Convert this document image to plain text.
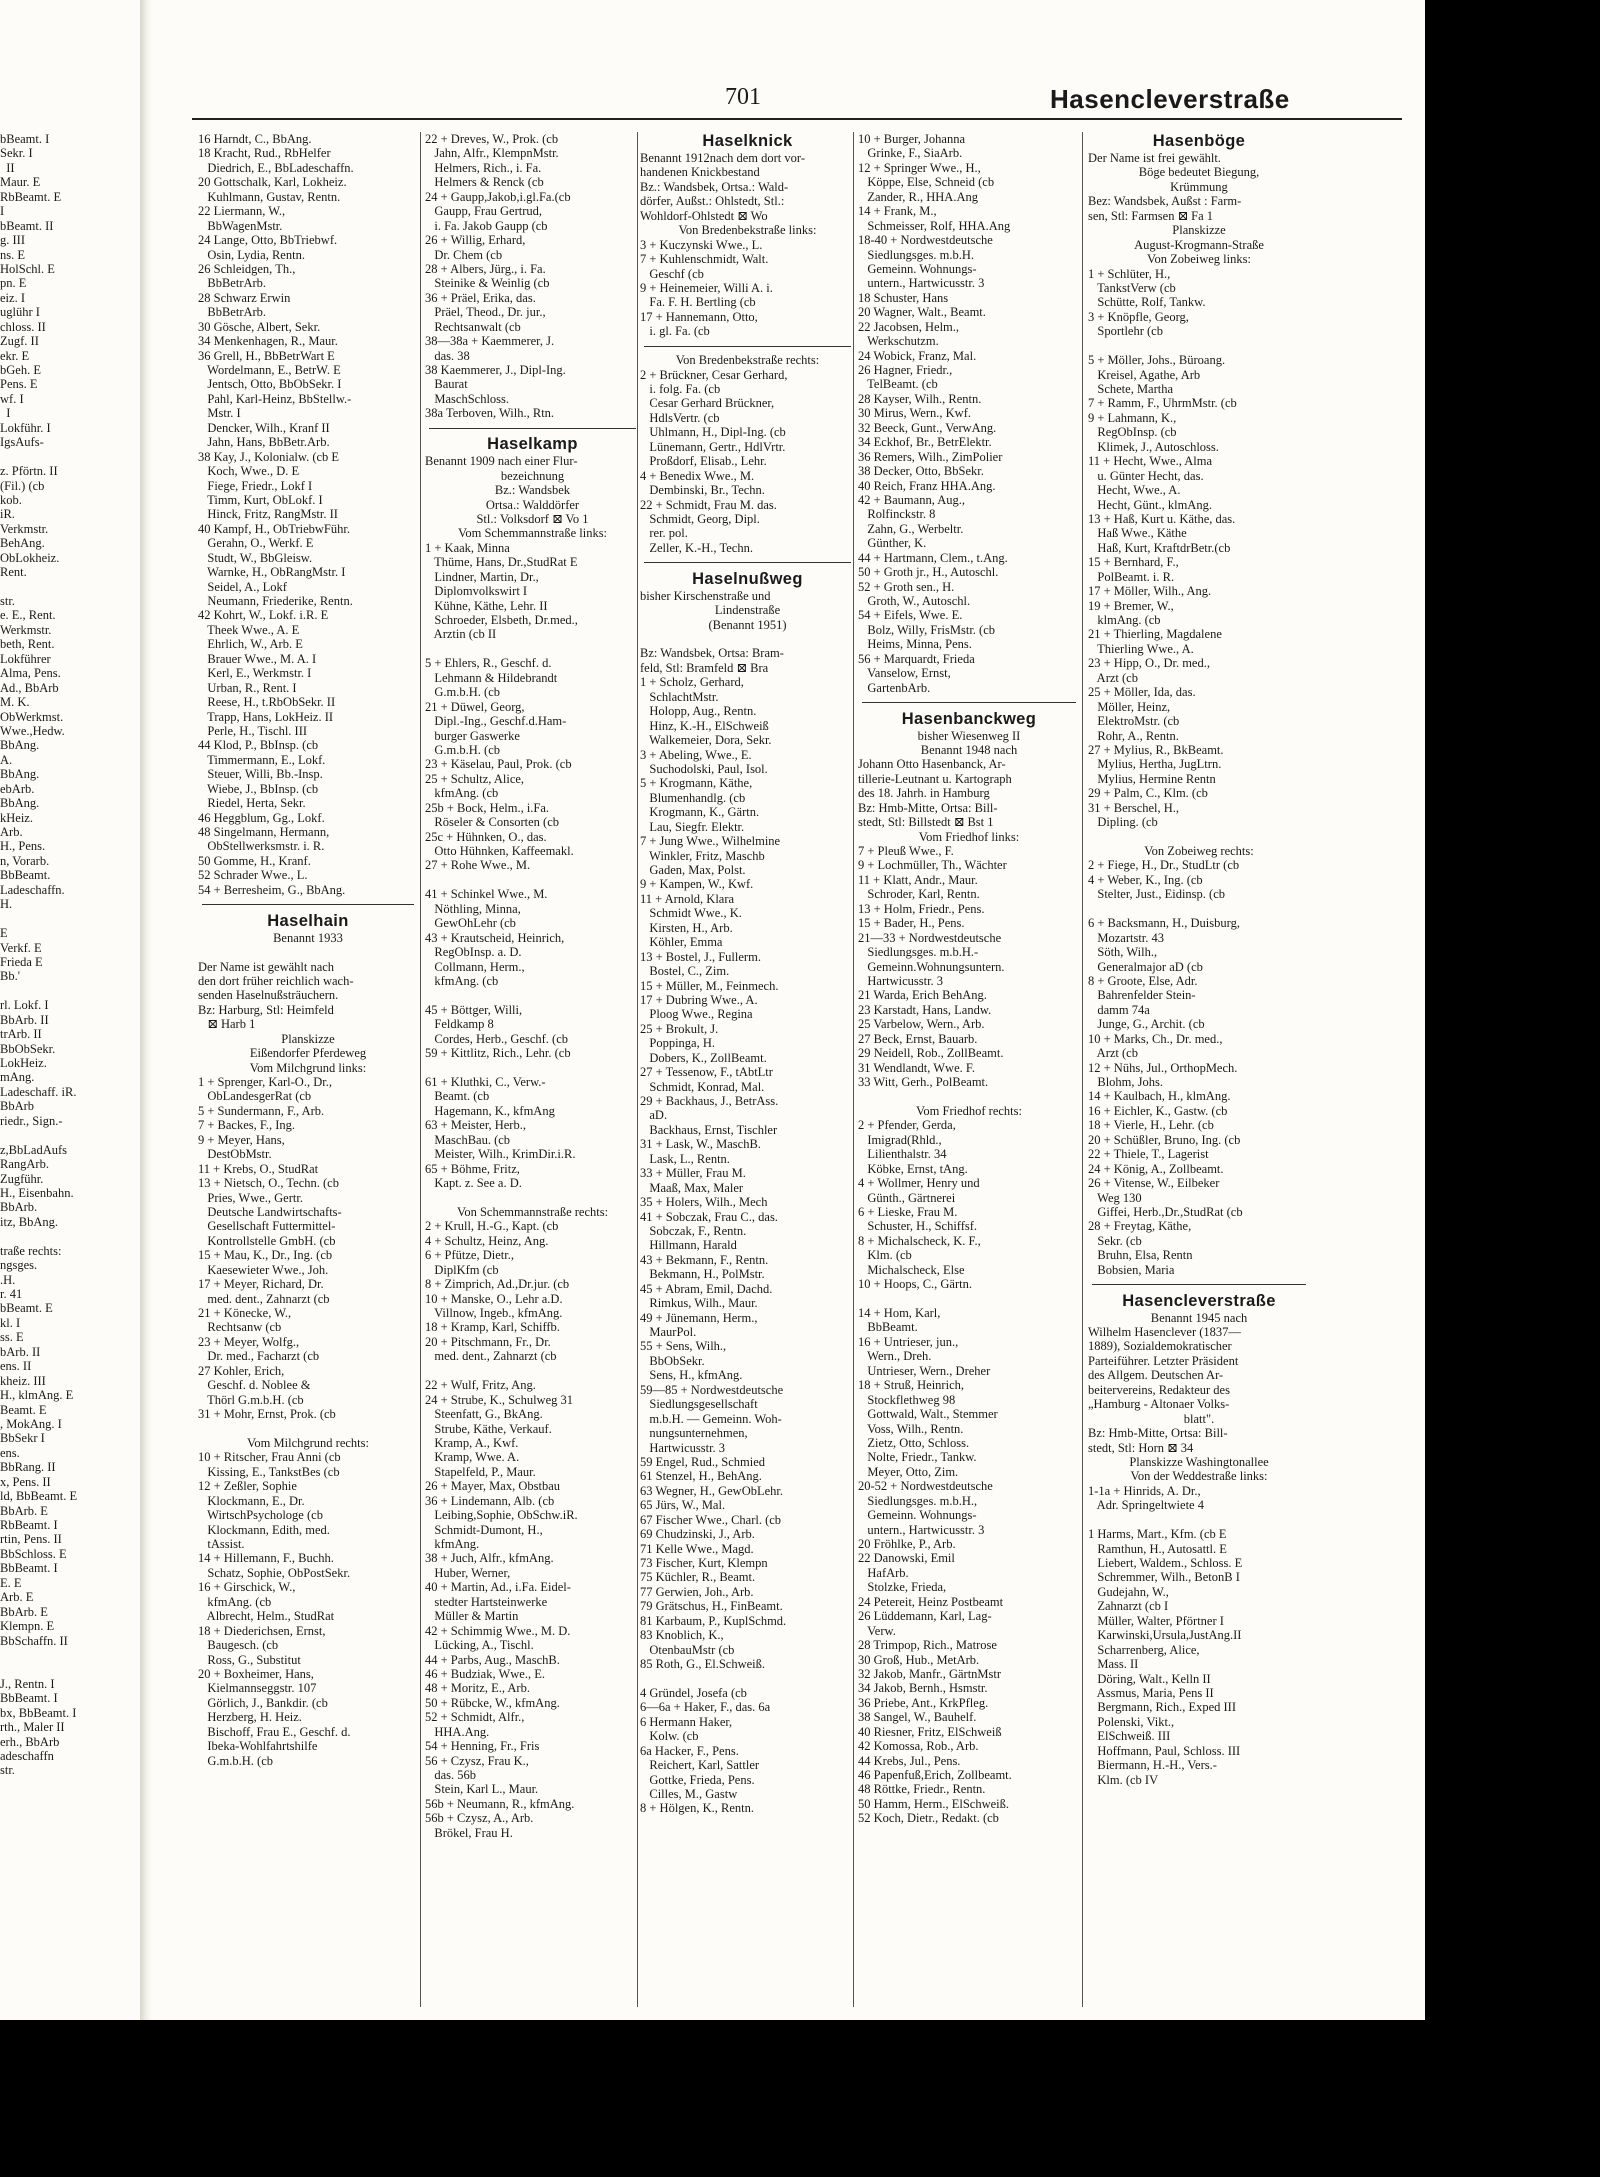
701	Hasencleverstraße
bBeamt. I
Sekr. I
II
Maur. E
RbBeamt. E
I
bBeamt. II
g. III
ns. E
HolSchl. E
pn. E
eiz. I
uglühr I
chloss. II
Zugf. II
ekr. E
bGeh. E
Pens. E
wf. I
I
Lokführ. I
IgsAufs-
z. Pförtn. II
(Fil.) (cb
kob.
iR.
Verkmstr.
BehAng.
ObLokheiz.
Rent.
str.
e. E., Rent.
Werkmstr.
beth, Rent.
Lokführer
Alma, Pens.
Ad., BbArb
M. K.
ObWerkmst.
Wwe.,Hedw.
BbAng.
A.
BbAng.
ebArb.
BbAng.
kHeiz.
Arb.
H., Pens.
n, Vorarb.
BbBeamt.
Ladeschaffn.
H.
E
Verkf. E
Frieda E
Bb.'
rl. Lokf. I
BbArb. II
trArb. II
BbObSekr.
LokHeiz.
mAng.
Ladeschaff. iR.
BbArb
riedr., Sign.-
z,BbLadAufs
RangArb.
Zugführ.
H., Eisenbahn.
BbArb.
itz, BbAng.
traße rechts:
ngsges.
.H.
r. 41
bBeamt. E
kl. I
ss. E
bArb. II
ens. II
kheiz. III
H., klmAng. E
Beamt. E
, MokAng. I
BbSekr I
ens.
BbRang. II
x, Pens. II
ld, BbBeamt. E
BbArb. E
RbBeamt. I
rtin, Pens. II
BbSchloss. E
BbBeamt. I
E. E
Arb. E
BbArb. E
Klempn. E
BbSchaffn. II
J., Rentn. I
BbBeamt. I
bx, BbBeamt. I
rth., Maler II
erh., BbArb
adeschaffn
str.
16 Harndt, C., BbAng.
18 Kracht, Rud., RbHelfer
Diedrich, E., BbLadeschaffn.
20 Gottschalk, Karl, Lokheiz.
Kuhlmann, Gustav, Rentn.
22 Liermann, W.,
BbWagenMstr.
24 Lange, Otto, BbTriebwf.
Osin, Lydia, Rentn.
26 Schleidgen, Th.,
BbBetrArb.
28 Schwarz Erwin
BbBetrArb.
30 Gösche, Albert, Sekr.
34 Menkenhagen, R., Maur.
36 Grell, H., BbBetrWart E
Wordelmann, E., BetrW. E
Jentsch, Otto, BbObSekr. I
Pahl, Karl-Heinz, BbStellw.-
Mstr. I
Dencker, Wilh., Kranf II
Jahn, Hans, BbBetr.Arb.
38 Kay, J., Kolonialw. (cb E
Koch, Wwe., D. E
Fiege, Friedr., Lokf I
Timm, Kurt, ObLokf. I
Hinck, Fritz, RangMstr. II
40 Kampf, H., ObTriebwFühr.
Gerahn, O., Werkf. E
Studt, W., BbGleisw.
Warnke, H., ObRangMstr. I
Seidel, A., Lokf
Neumann, Friederike, Rentn.
42 Kohrt, W., Lokf. i.R. E
Theek Wwe., A. E
Ehrlich, W., Arb. E
Brauer Wwe., M. A. I
Kerl, E., Werkmstr. I
Urban, R., Rent. I
Reese, H., t.RbObSekr. II
Trapp, Hans, LokHeiz. II
Perle, H., Tischl. III
44 Klod, P., BbInsp. (cb
Timmermann, E., Lokf.
Steuer, Willi, Bb.-Insp.
Wiebe, J., BbInsp. (cb
Riedel, Herta, Sekr.
46 Heggblum, Gg., Lokf.
48 Singelmann, Hermann,
ObStellwerksmstr. i. R.
50 Gomme, H., Kranf.
52 Schrader Wwe., L.
54 + Berresheim, G., BbAng.
Haselhain
Benannt 1933
Der Name ist gewählt nach
den dort früher reichlich wach-
senden Haselnußsträuchern.
Bz: Harburg, Stl: Heimfeld
⊠ Harb 1
Planskizze
Eißendorfer Pferdeweg
Vom Milchgrund links:
1 + Sprenger, Karl-O., Dr.,
ObLandesgerRat (cb
5 + Sundermann, F., Arb.
7 + Backes, F., Ing.
9 + Meyer, Hans,
DestObMstr.
11 + Krebs, O., StudRat
13 + Nietsch, O., Techn. (cb
Pries, Wwe., Gertr.
Deutsche Landwirtschafts-
Gesellschaft Futtermittel-
Kontrollstelle GmbH. (cb
15 + Mau, K., Dr., Ing. (cb
Kaesewieter Wwe., Joh.
17 + Meyer, Richard, Dr.
med. dent., Zahnarzt (cb
21 + Könecke, W.,
Rechtsanw (cb
23 + Meyer, Wolfg.,
Dr. med., Facharzt (cb
27 Kohler, Erich,
Geschf. d. Noblee &
Thörl G.m.b.H. (cb
31 + Mohr, Ernst, Prok. (cb
Vom Milchgrund rechts:
10 + Ritscher, Frau Anni (cb
Kissing, E., TankstBes (cb
12 + Zeßler, Sophie
Klockmann, E., Dr.
WirtschPsychologe (cb
Klockmann, Edith, med.
tAssist.
14 + Hillemann, F., Buchh.
Schatz, Sophie, ObPostSekr.
16 + Girschick, W.,
kfmAng. (cb
Albrecht, Helm., StudRat
18 + Diederichsen, Ernst,
Baugesch. (cb
Ross, G., Substitut
20 + Boxheimer, Hans,
Kielmannseggstr. 107
Görlich, J., Bankdir. (cb
Herzberg, H. Heiz.
Bischoff, Frau E., Geschf. d.
Ibeka-Wohlfahrtshilfe
G.m.b.H. (cb
22 + Dreves, W., Prok. (cb
Jahn, Alfr., KlempnMstr.
Helmers, Rich., i. Fa.
Helmers & Renck (cb
24 + Gaupp,Jakob,i.gl.Fa.(cb
Gaupp, Frau Gertrud,
i. Fa. Jakob Gaupp (cb
26 + Willig, Erhard,
Dr. Chem (cb
28 + Albers, Jürg., i. Fa.
Steinike & Weinlig (cb
36 + Präel, Erika, das.
Präel, Theod., Dr. jur.,
Rechtsanwalt (cb
38—38a + Kaemmerer, J.
das. 38
38 Kaemmerer, J., Dipl-Ing.
Baurat
MaschSchloss.
38a Terboven, Wilh., Rtn.
Haselkamp
Benannt 1909 nach einer Flur-
bezeichnung
Bz.: Wandsbek
Ortsa.: Walddörfer
Stl.: Volksdorf ⊠ Vo 1
Vom Schemmannstraße links:
1 + Kaak, Minna
Thüme, Hans, Dr.,StudRat E
Lindner, Martin, Dr.,
Diplomvolkswirt I
Kühne, Käthe, Lehr. II
Schroeder, Elsbeth, Dr.med.,
Arztin (cb II
5 + Ehlers, R., Geschf. d.
Lehmann & Hildebrandt
G.m.b.H. (cb
21 + Düwel, Georg,
Dipl.-Ing., Geschf.d.Ham-
burger Gaswerke
G.m.b.H. (cb
23 + Käselau, Paul, Prok. (cb
25 + Schultz, Alice,
kfmAng. (cb
25b + Bock, Helm., i.Fa.
Röseler & Consorten (cb
25c + Hühnken, O., das.
Otto Hühnken, Kaffeemakl.
27 + Rohe Wwe., M.
41 + Schinkel Wwe., M.
Nöthling, Minna,
GewOhLehr (cb
43 + Krautscheid, Heinrich,
RegObInsp. a. D.
Collmann, Herm.,
kfmAng. (cb
45 + Böttger, Willi,
Feldkamp 8
Cordes, Herb., Geschf. (cb
59 + Kittlitz, Rich., Lehr. (cb
61 + Kluthki, C., Verw.-
Beamt. (cb
Hagemann, K., kfmAng
63 + Meister, Herb.,
MaschBau. (cb
Meister, Wilh., KrimDir.i.R.
65 + Böhme, Fritz,
Kapt. z. See a. D.
Von Schemmannstraße rechts:
2 + Krull, H.-G., Kapt. (cb
4 + Schultz, Heinz, Ang.
6 + Pfütze, Dietr.,
DiplKfm (cb
8 + Zimprich, Ad.,Dr.jur. (cb
10 + Manske, O., Lehr a.D.
Villnow, Ingeb., kfmAng.
18 + Kramp, Karl, Schiffb.
20 + Pitschmann, Fr., Dr.
med. dent., Zahnarzt (cb
22 + Wulf, Fritz, Ang.
24 + Strube, K., Schulweg 31
Steenfatt, G., BkAng.
Strube, Käthe, Verkauf.
Kramp, A., Kwf.
Kramp, Wwe. A.
Stapelfeld, P., Maur.
26 + Mayer, Max, Obstbau
36 + Lindemann, Alb. (cb
Leibing,Sophie, ObSchw.iR.
Schmidt-Dumont, H.,
kfmAng.
38 + Juch, Alfr., kfmAng.
Huber, Werner,
40 + Martin, Ad., i.Fa. Eidel-
stedter Hartsteinwerke
Müller & Martin
42 + Schimmig Wwe., M. D.
Lücking, A., Tischl.
44 + Parbs, Aug., MaschB.
46 + Budziak, Wwe., E.
48 + Moritz, E., Arb.
50 + Rübcke, W., kfmAng.
52 + Schmidt, Alfr.,
HHA.Ang.
54 + Henning, Fr., Fris
56 + Czysz, Frau K.,
das. 56b
Stein, Karl L., Maur.
56b + Neumann, R., kfmAng.
56b + Czysz, A., Arb.
Brökel, Frau H.
Haselknick
Benannt 1912nach dem dort vor-
handenen Knickbestand
Bz.: Wandsbek, Ortsa.: Wald-
dörfer, Außst.: Ohlstedt, Stl.:
Wohldorf-Ohlstedt ⊠ Wo
Von Bredenbekstraße links:
3 + Kuczynski Wwe., L.
7 + Kuhlenschmidt, Walt.
Geschf (cb
9 + Heinemeier, Willi A. i.
Fa. F. H. Bertling (cb
17 + Hannemann, Otto,
i. gl. Fa. (cb
Von Bredenbekstraße rechts:
2 + Brückner, Cesar Gerhard,
i. folg. Fa. (cb
Cesar Gerhard Brückner,
HdlsVertr. (cb
Uhlmann, H., Dipl-Ing. (cb
Lünemann, Gertr., HdlVrtr.
Proßdorf, Elisab., Lehr.
4 + Benedix Wwe., M.
Dembinski, Br., Techn.
22 + Schmidt, Frau M. das.
Schmidt, Georg, Dipl.
rer. pol.
Zeller, K.-H., Techn.
Haselnußweg
bisher Kirschenstraße und
Lindenstraße
(Benannt 1951)
Bz: Wandsbek, Ortsa: Bram-
feld, Stl: Bramfeld ⊠ Bra
1 + Scholz, Gerhard,
SchlachtMstr.
Holopp, Aug., Rentn.
Hinz, K.-H., ElSchweiß
Walkemeier, Dora, Sekr.
3 + Abeling, Wwe., E.
Suchodolski, Paul, Isol.
5 + Krogmann, Käthe,
Blumenhandlg. (cb
Krogmann, K., Gärtn.
Lau, Siegfr. Elektr.
7 + Jung Wwe., Wilhelmine
Winkler, Fritz, Maschb
Gaden, Max, Polst.
9 + Kampen, W., Kwf.
11 + Arnold, Klara
Schmidt Wwe., K.
Kirsten, H., Arb.
Köhler, Emma
13 + Bostel, J., Fullerm.
Bostel, C., Zim.
15 + Müller, M., Feinmech.
17 + Dubring Wwe., A.
Ploog Wwe., Regina
25 + Brokult, J.
Poppinga, H.
Dobers, K., ZollBeamt.
27 + Tessenow, F., tAbtLtr
Schmidt, Konrad, Mal.
29 + Backhaus, J., BetrAss.
aD.
Backhaus, Ernst, Tischler
31 + Lask, W., MaschB.
Lask, L., Rentn.
33 + Müller, Frau M.
Maaß, Max, Maler
35 + Holers, Wilh., Mech
41 + Sobczak, Frau C., das.
Sobczak, F., Rentn.
Hillmann, Harald
43 + Bekmann, F., Rentn.
Bekmann, H., PolMstr.
45 + Abram, Emil, Dachd.
Rimkus, Wilh., Maur.
49 + Jünemann, Herm.,
MaurPol.
55 + Sens, Wilh.,
BbObSekr.
Sens, H., kfmAng.
59—85 + Nordwestdeutsche
Siedlungsgesellschaft
m.b.H. — Gemeinn. Woh-
nungsunternehmen,
Hartwicusstr. 3
59 Engel, Rud., Schmied
61 Stenzel, H., BehAng.
63 Wegner, H., GewObLehr.
65 Jürs, W., Mal.
67 Fischer Wwe., Charl. (cb
69 Chudzinski, J., Arb.
71 Kelle Wwe., Magd.
73 Fischer, Kurt, Klempn
75 Küchler, R., Beamt.
77 Gerwien, Joh., Arb.
79 Grätschus, H., FinBeamt.
81 Karbaum, P., KuplSchmd.
83 Knoblich, K.,
OtenbauMstr (cb
85 Roth, G., El.Schweiß.
4 Gründel, Josefa (cb
6—6a + Haker, F., das. 6a
6 Hermann Haker,
Kolw. (cb
6a Hacker, F., Pens.
Reichert, Karl, Sattler
Gottke, Frieda, Pens.
Cilles, M., Gastw
8 + Hölgen, K., Rentn.
10 + Burger, Johanna
Grinke, F., SiaArb.
12 + Springer Wwe., H.,
Köppe, Else, Schneid (cb
Zander, R., HHA.Ang
14 + Frank, M.,
Schmeisser, Rolf, HHA.Ang
18-40 + Nordwestdeutsche
Siedlungsges. m.b.H.
Gemeinn. Wohnungs-
untern., Hartwicusstr. 3
18 Schuster, Hans
20 Wagner, Walt., Beamt.
22 Jacobsen, Helm.,
Werkschutzm.
24 Wobick, Franz, Mal.
26 Hagner, Friedr.,
TelBeamt. (cb
28 Kayser, Wilh., Rentn.
30 Mirus, Wern., Kwf.
32 Beeck, Gunt., VerwAng.
34 Eckhof, Br., BetrElektr.
36 Remers, Wilh., ZimPolier
38 Decker, Otto, BbSekr.
40 Reich, Franz HHA.Ang.
42 + Baumann, Aug.,
Rolfinckstr. 8
Zahn, G., Werbeltr.
Günther, K.
44 + Hartmann, Clem., t.Ang.
50 + Groth jr., H., Autoschl.
52 + Groth sen., H.
Groth, W., Autoschl.
54 + Eifels, Wwe. E.
Bolz, Willy, FrisMstr. (cb
Heims, Minna, Pens.
56 + Marquardt, Frieda
Vanselow, Ernst,
GartenbArb.
Hasenbanckweg
bisher Wiesenweg II
Benannt 1948 nach
Johann Otto Hasenbanck, Ar-
tillerie-Leutnant u. Kartograph
des 18. Jahrh. in Hamburg
Bz: Hmb-Mitte, Ortsa: Bill-
stedt, Stl: Billstedt ⊠ Bst 1
Vom Friedhof links:
7 + Pleuß Wwe., F.
9 + Lochmüller, Th., Wächter
11 + Klatt, Andr., Maur.
Schroder, Karl, Rentn.
13 + Holm, Friedr., Pens.
15 + Bader, H., Pens.
21—33 + Nordwestdeutsche
Siedlungsges. m.b.H.-
Gemeinn.Wohnungsuntern.
Hartwicusstr. 3
21 Warda, Erich BehAng.
23 Karstadt, Hans, Landw.
25 Varbelow, Wern., Arb.
27 Beck, Ernst, Bauarb.
29 Neidell, Rob., ZollBeamt.
31 Wendlandt, Wwe. F.
33 Witt, Gerh., PolBeamt.
Vom Friedhof rechts:
2 + Pfender, Gerda,
Imigrad(Rhld.,
Lilienthalstr. 34
Köbke, Ernst, tAng.
4 + Wollmer, Henry und
Günth., Gärtnerei
6 + Lieske, Frau M.
Schuster, H., Schiffsf.
8 + Michalscheck, K. F.,
Klm. (cb
Michalscheck, Else
10 + Hoops, C., Gärtn.
14 + Hom, Karl,
BbBeamt.
16 + Untrieser, jun.,
Wern., Dreh.
Untrieser, Wern., Dreher
18 + Struß, Heinrich,
Stockflethweg 98
Gottwald, Walt., Stemmer
Voss, Wilh., Rentn.
Zietz, Otto, Schloss.
Nolte, Friedr., Tankw.
Meyer, Otto, Zim.
20-52 + Nordwestdeutsche
Siedlungsges. m.b.H.,
Gemeinn. Wohnungs-
untern., Hartwicusstr. 3
20 Fröhlke, P., Arb.
22 Danowski, Emil
HafArb.
Stolzke, Frieda,
24 Petereit, Heinz Postbeamt
26 Lüddemann, Karl, Lag-
Verw.
28 Trimpop, Rich., Matrose
30 Groß, Hub., MetArb.
32 Jakob, Manfr., GärtnMstr
34 Jakob, Bernh., Hsmstr.
36 Priebe, Ant., KrkPfleg.
38 Sangel, W., Bauhelf.
40 Riesner, Fritz, ElSchweiß
42 Komossa, Rob., Arb.
44 Krebs, Jul., Pens.
46 Papenfuß,Erich, Zollbeamt.
48 Röttke, Friedr., Rentn.
50 Hamm, Herm., ElSchweiß.
52 Koch, Dietr., Redakt. (cb
Hasenböge
Der Name ist frei gewählt.
Böge bedeutet Biegung,
Krümmung
Bez: Wandsbek, Außst : Farm-
sen, Stl: Farmsen ⊠ Fa 1
Planskizze
August-Krogmann-Straße
Von Zobeiweg links:
1 + Schlüter, H.,
TankstVerw (cb
Schütte, Rolf, Tankw.
3 + Knöpfle, Georg,
Sportlehr (cb
5 + Möller, Johs., Büroang.
Kreisel, Agathe, Arb
Schete, Martha
7 + Ramm, F., UhrmMstr. (cb
9 + Lahmann, K.,
RegObInsp. (cb
Klimek, J., Autoschloss.
11 + Hecht, Wwe., Alma
u. Günter Hecht, das.
Hecht, Wwe., A.
Hecht, Günt., klmAng.
13 + Haß, Kurt u. Käthe, das.
Haß Wwe., Käthe
Haß, Kurt, KraftdrBetr.(cb
15 + Bernhard, F.,
PolBeamt. i. R.
17 + Möller, Wilh., Ang.
19 + Bremer, W.,
klmAng. (cb
21 + Thierling, Magdalene
Thierling Wwe., A.
23 + Hipp, O., Dr. med.,
Arzt (cb
25 + Möller, Ida, das.
Möller, Heinz,
ElektroMstr. (cb
Rohr, A., Rentn.
27 + Mylius, R., BkBeamt.
Mylius, Hertha, JugLtrn.
Mylius, Hermine Rentn
29 + Palm, C., Klm. (cb
31 + Berschel, H.,
Dipling. (cb
Von Zobeiweg rechts:
2 + Fiege, H., Dr., StudLtr (cb
4 + Weber, K., Ing. (cb
Stelter, Just., Eidinsp. (cb
6 + Backsmann, H., Duisburg,
Mozartstr. 43
Söth, Wilh.,
Generalmajor aD (cb
8 + Groote, Else, Adr.
Bahrenfelder Stein-
damm 74a
Junge, G., Archit. (cb
10 + Marks, Ch., Dr. med.,
Arzt (cb
12 + Nühs, Jul., OrthopMech.
Blohm, Johs.
14 + Kaulbach, H., klmAng.
16 + Eichler, K., Gastw. (cb
18 + Vierle, H., Lehr. (cb
20 + Schüßler, Bruno, Ing. (cb
22 + Thiele, T., Lagerist
24 + König, A., Zollbeamt.
26 + Vitense, W., Eilbeker
Weg 130
Giffei, Herb.,Dr.,StudRat (cb
28 + Freytag, Käthe,
Sekr. (cb
Bruhn, Elsa, Rentn
Bobsien, Maria
Hasencleverstraße
Benannt 1945 nach
Wilhelm Hasenclever (1837—
1889), Sozialdemokratischer
Parteiführer. Letzter Präsident
des Allgem. Deutschen Ar-
beitervereins, Redakteur des
„Hamburg - Altonaer Volks-
blatt".
Bz: Hmb-Mitte, Ortsa: Bill-
stedt, Stl: Horn ⊠ 34
Planskizze Washingtonallee
Von der Weddestraße links:
1-1a + Hinrids, A. Dr.,
Adr. Springeltwiete 4
1 Harms, Mart., Kfm. (cb E
Ramthun, H., Autosattl. E
Liebert, Waldem., Schloss. E
Schremmer, Wilh., BetonB I
Gudejahn, W.,
Zahnarzt (cb I
Müller, Walter, Pförtner I
Karwinski,Ursula,JustAng.II
Scharrenberg, Alice,
Mass. II
Döring, Walt., Kelln II
Assmus, Maria, Pens II
Bergmann, Rich., Exped III
Polenski, Vikt.,
ElSchweiß. III
Hoffmann, Paul, Schloss. III
Biermann, H.-H., Vers.-
Klm. (cb IV
